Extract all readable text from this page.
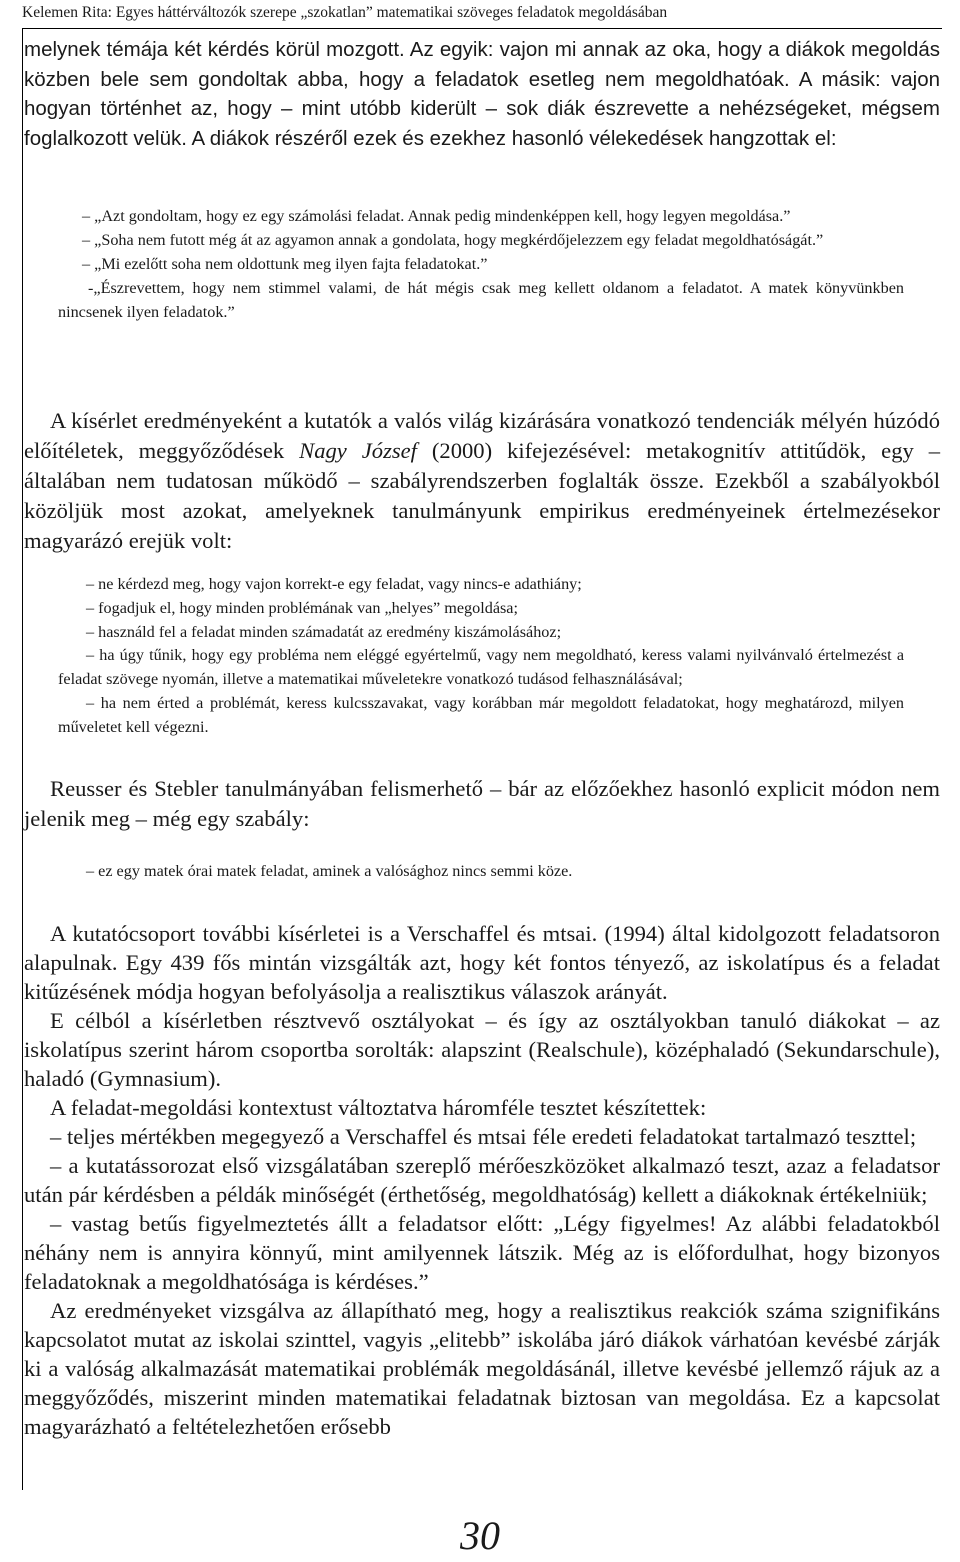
Kelemen Rita: Egyes háttérváltozók szerepe „szokatlan” matematikai szöveges feladatok megoldásában

melynek témája két kérdés körül mozgott. Az egyik: vajon mi annak az oka, hogy a diákok megoldás közben bele sem gondoltak abba, hogy a feladatok esetleg nem megoldhatóak. A másik: vajon hogyan történhet az, hogy – mint utóbb kiderült – sok diák észrevette a nehézségeket, mégsem foglalkozott velük. A diákok részéről ezek és ezekhez hasonló vélekedések hangzottak el:

– „Azt gondoltam, hogy ez egy számolási feladat. Annak pedig mindenképpen kell, hogy legyen megoldása.”

– „Soha nem futott még át az agyamon annak a gondolata, hogy megkérdőjelezzem egy feladat megoldhatóságát.”

– „Mi ezelőtt soha nem oldottunk meg ilyen fajta feladatokat.”

-„Észrevettem, hogy nem stimmel valami, de hát mégis csak meg kellett oldanom a feladatot. A matek könyvünkben nincsenek ilyen feladatok.”

A kísérlet eredményeként a kutatók a valós világ kizárására vonatkozó tendenciák mélyén húzódó előítéletek, meggyőződések Nagy József (2000) kifejezésével: metakognitív attitűdök, egy – általában nem tudatosan működő – szabályrendszerben foglalták össze. Ezekből a szabályokból közöljük most azokat, amelyeknek tanulmányunk empirikus eredményeinek értelmezésekor magyarázó erejük volt:

– ne kérdezd meg, hogy vajon korrekt-e egy feladat, vagy nincs-e adathiány;

– fogadjuk el, hogy minden problémának van „helyes” megoldása;

– használd fel a feladat minden számadatát az eredmény kiszámolásához;

– ha úgy tűnik, hogy egy probléma nem eléggé egyértelmű, vagy nem megoldható, keress valami nyilvánvaló értelmezést a feladat szövege nyomán, illetve a matematikai műveletekre vonatkozó tudásod felhasználásával;

– ha nem érted a problémát, keress kulcsszavakat, vagy korábban már megoldott feladatokat, hogy meghatározd, milyen műveletet kell végezni.

Reusser és Stebler tanulmányában felismerhető – bár az előzőekhez hasonló explicit módon nem jelenik meg – még egy szabály:

– ez egy matek órai matek feladat, aminek a valósághoz nincs semmi köze.

A kutatócsoport további kísérletei is a Verschaffel és mtsai. (1994) által kidolgozott feladatsoron alapulnak. Egy 439 fős mintán vizsgálták azt, hogy két fontos tényező, az iskolatípus és a feladat kitűzésének módja hogyan befolyásolja a realisztikus válaszok arányát.

E célból a kísérletben résztvevő osztályokat – és így az osztályokban tanuló diákokat – az iskolatípus szerint három csoportba sorolták: alapszint (Realschule), középhaladó (Sekundarschule), haladó (Gymnasium).

A feladat-megoldási kontextust változtatva háromféle tesztet készítettek:

– teljes mértékben megegyező a Verschaffel és mtsai féle eredeti feladatokat tartalmazó teszttel;

– a kutatássorozat első vizsgálatában szereplő mérőeszközöket alkalmazó teszt, azaz a feladatsor után pár kérdésben a példák minőségét (érthetőség, megoldhatóság) kellett a diákoknak értékelniük;

– vastag betűs figyelmeztetés állt a feladatsor előtt: „Légy figyelmes! Az alábbi feladatokból néhány nem is annyira könnyű, mint amilyennek látszik. Még az is előfordulhat, hogy bizonyos feladatoknak a megoldhatósága is kérdéses.”

Az eredményeket vizsgálva az állapítható meg, hogy a realisztikus reakciók száma szignifikáns kapcsolatot mutat az iskolai szinttel, vagyis „elitebb” iskolába járó diákok várhatóan kevésbé zárják ki a valóság alkalmazását matematikai problémák megoldásánál, illetve kevésbé jellemző rájuk az a meggyőződés, miszerint minden matematikai feladatnak biztosan van megoldása. Ez a kapcsolat magyarázható a feltételezhetően erősebb

30
